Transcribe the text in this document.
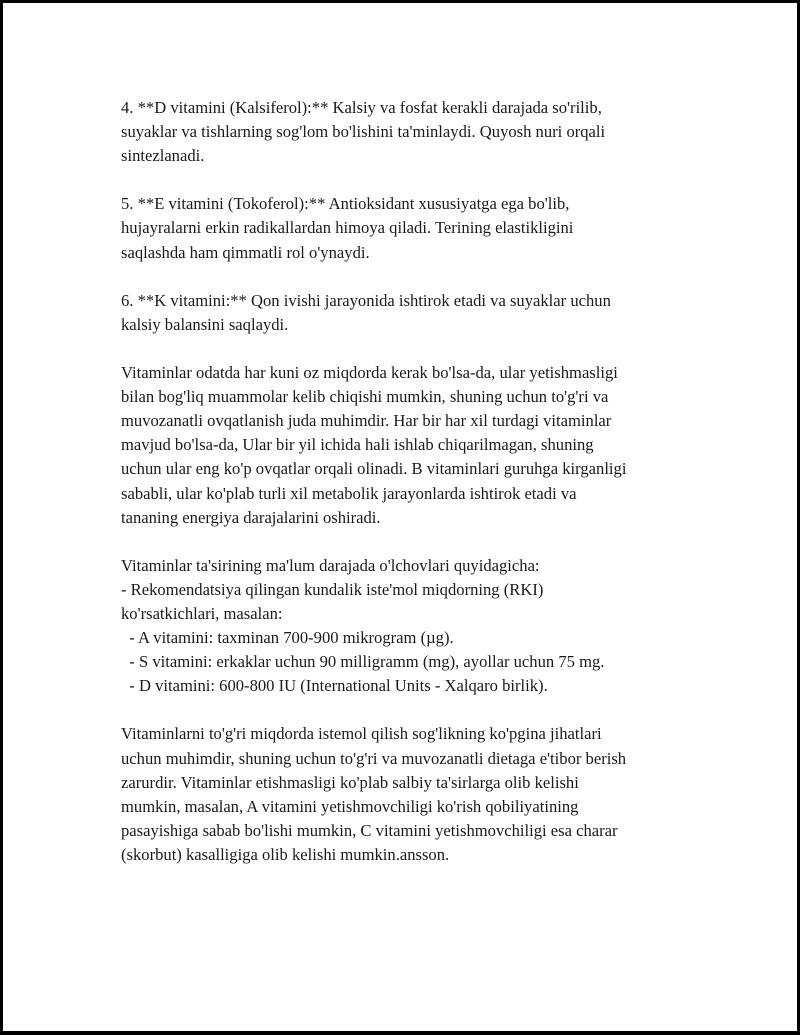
4. **D vitamini (Kalsiferol):** Kalsiy va fosfat kerakli darajada so'rilib,
suyaklar va tishlarning sog'lom bo'lishini ta'minlaydi. Quyosh nuri orqali
sintezlanadi.

5. **E vitamini (Tokoferol):** Antioksidant xususiyatga ega bo'lib,
hujayralarni erkin radikallardan himoya qiladi. Terining elastikligini
saqlashda ham qimmatli rol o'ynaydi.

6. **K vitamini:** Qon ivishi jarayonida ishtirok etadi va suyaklar uchun
kalsiy balansini saqlaydi.

Vitaminlar odatda har kuni oz miqdorda kerak bo'lsa-da, ular yetishmasligi
bilan bog'liq muammolar kelib chiqishi mumkin, shuning uchun to'g'ri va
muvozanatli ovqatlanish juda muhimdir. Har bir har xil turdagi vitaminlar
mavjud bo'lsa-da, Ular bir yil ichida hali ishlab chiqarilmagan, shuning
uchun ular eng ko'p ovqatlar orqali olinadi. B vitaminlari guruhga kirganligi
sababli, ular ko'plab turli xil metabolik jarayonlarda ishtirok etadi va
tananing energiya darajalarini oshiradi.

Vitaminlar ta'sirining ma'lum darajada o'lchovlari quyidagicha:
- Rekomendatsiya qilingan kundalik iste'mol miqdorning (RKI)
ko'rsatkichlari, masalan:
- A vitamini: taxminan 700-900 mikrogram (µg).
- S vitamini: erkaklar uchun 90 milligramm (mg), ayollar uchun 75 mg.
- D vitamini: 600-800 IU (International Units - Xalqaro birlik).

Vitaminlarni to'g'ri miqdorda istemol qilish sog'likning ko'pgina jihatlari
uchun muhimdir, shuning uchun to'g'ri va muvozanatli dietaga e'tibor berish
zarurdir. Vitaminlar etishmasligi ko'plab salbiy ta'sirlarga olib kelishi
mumkin, masalan, A vitamini yetishmovchiligi ko'rish qobiliyatining
pasayishiga sabab bo'lishi mumkin, C vitamini yetishmovchiligi esa charar
(skorbut) kasalligiga olib kelishi mumkin.ansson.
